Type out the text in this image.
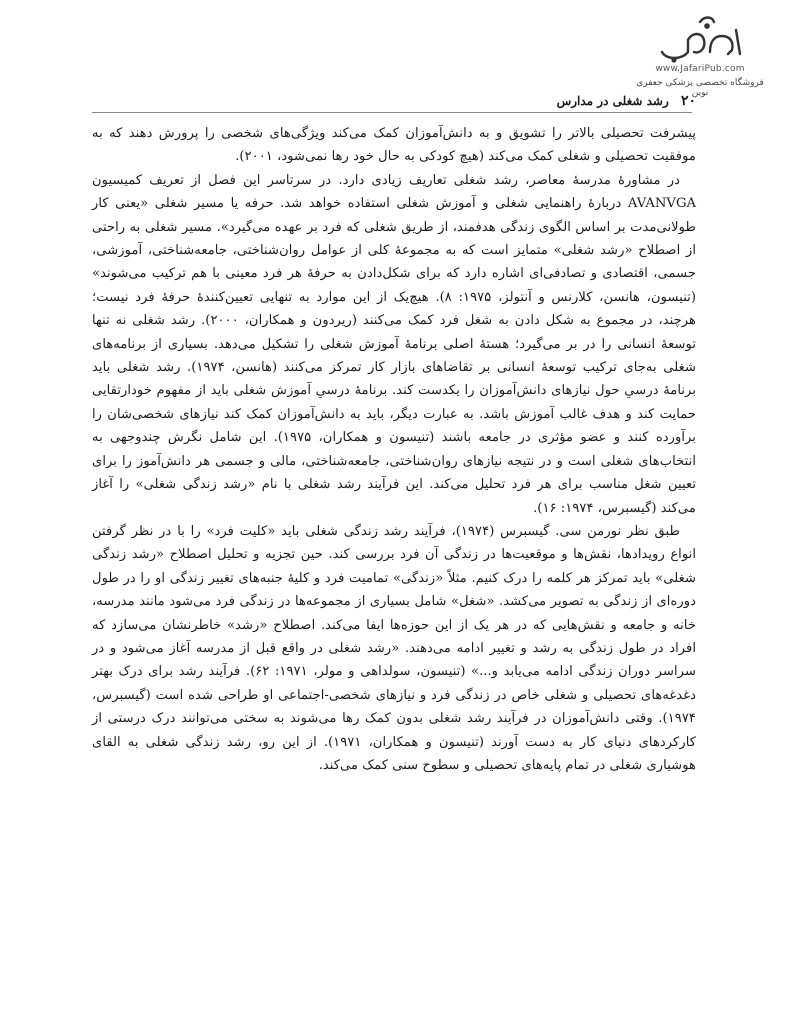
www.JafariPub.com
فروشگاه تخصصی پزشکی جعفری نوین
۲۰ رشد شغلی در مدارس

پیشرفت تحصیلی بالاتر را تشویق و به دانش‌آموزان کمک می‌کند ویژگی‌های شخصی را پرورش دهند که به موفقیت تحصیلی و شغلی کمک می‌کند (هیچ کودکی به حال خود رها نمی‌شود، ۲۰۰۱).

در مشاورهٔ مدرسهٔ معاصر، رشد شغلی تعاریف زیادی دارد. در سرتاسر این فصل از تعریف کمیسیون AVANVGA دربارهٔ راهنمایی شغلی و آموزش شغلی استفاده خواهد شد. حرفه یا مسیر شغلی «یعنی کار طولانی‌مدت بر اساس الگوی زندگی هدفمند، از طریق شغلی که فرد بر عهده می‌گیرد». مسیر شغلی به راحتی از اصطلاح «رشد شغلی» متمایز است که به مجموعهٔ کلی از عوامل روان‌شناختی، جامعه‌شناختی، آموزشی، جسمی، اقتصادی و تصادفی‌ای اشاره دارد که برای شکل‌دادن به حرفهٔ هر فرد معینی با هم ترکیب می‌شوند» (تنیسون، هانسن، کلارنس و آنتولز، ۱۹۷۵: ۸). هیچ‌یک از این موارد به تنهایی تعیین‌کنندهٔ حرفهٔ فرد نیست؛ هرچند، در مجموع به شکل دادن به شغل فرد کمک می‌کنند (ریردون و همکاران، ۲۰۰۰). رشد شغلی نه تنها توسعهٔ انسانی را در بر می‌گیرد؛ هستهٔ اصلی برنامهٔ آموزش شغلی را تشکیل می‌دهد. بسیاری از برنامه‌های شغلی به‌جای ترکیب توسعهٔ انسانی بر تقاضاهای بازار کار تمرکز می‌کنند (هانسن، ۱۹۷۴). رشد شغلی باید برنامهٔ درسیِ حول نیازهای دانش‌آموزان را یکدست کند. برنامهٔ درسیِ آموزش شغلی باید از مفهوم خودارتقایی حمایت کند و هدف غالب آموزش باشد. به عبارت دیگر، باید به دانش‌آموزان کمک کند نیازهای شخصی‌شان را برآورده کنند و عضو مؤثری در جامعه باشند (تنیسون و همکاران، ۱۹۷۵). این شامل نگرش چندوجهی به انتخاب‌های شغلی است و در نتیجه نیازهای روان‌شناختی، جامعه‌شناختی، مالی و جسمی هر دانش‌آموز را برای تعیین شغل مناسب برای هر فرد تحلیل می‌کند. این فرآیند رشد شغلی با نام «رشد زندگی شغلی» را آغاز می‌کند (گیسبرس، ۱۹۷۴: ۱۶).

طبق نظر نورمن سی. گیسبرس (۱۹۷۴)، فرآیند رشد زندگی شغلی باید «کلیت فرد» را با در نظر گرفتن انواع رویدادها، نقش‌ها و موقعیت‌ها در زندگی آن فرد بررسی کند. حین تجزیه و تحلیل اصطلاح «رشد زندگی شغلی» باید تمرکز هر کلمه را درک کنیم. مثلاً «زندگی» تمامیت فرد و کلیهٔ جنبه‌های تغییر زندگی او را در طول دوره‌ای از زندگی به تصویر می‌کشد. «شغل» شامل بسیاری از مجموعه‌ها در زندگی فرد می‌شود مانند مدرسه، خانه و جامعه و نقش‌هایی که در هر یک از این حوزه‌ها ایفا می‌کند. اصطلاح «رشد» خاطرنشان می‌سازد که افراد در طول زندگی به رشد و تغییر ادامه می‌دهند. «رشد شغلی در واقع قبل از مدرسه آغاز می‌شود و در سراسر دوران زندگی ادامه می‌یابد و...» (تنیسون، سولداهی و مولر، ۱۹۷۱: ۶۲). فرآیند رشد برای درک بهتر دغدغه‌های تحصیلی و شغلی خاص در زندگی فرد و نیازهای شخصی-اجتماعی او طراحی شده است (گیسبرس، ۱۹۷۴). وقتی دانش‌آموزان در فرآیند رشد شغلی بدون کمک رها می‌شوند به سختی می‌توانند درک درستی از کارکردهای دنیای کار به دست آورند (تنیسون و همکاران، ۱۹۷۱). از این رو، رشد زندگی شغلی به القای هوشیاری شغلی در تمام پایه‌های تحصیلی و سطوح سنی کمک می‌کند.
